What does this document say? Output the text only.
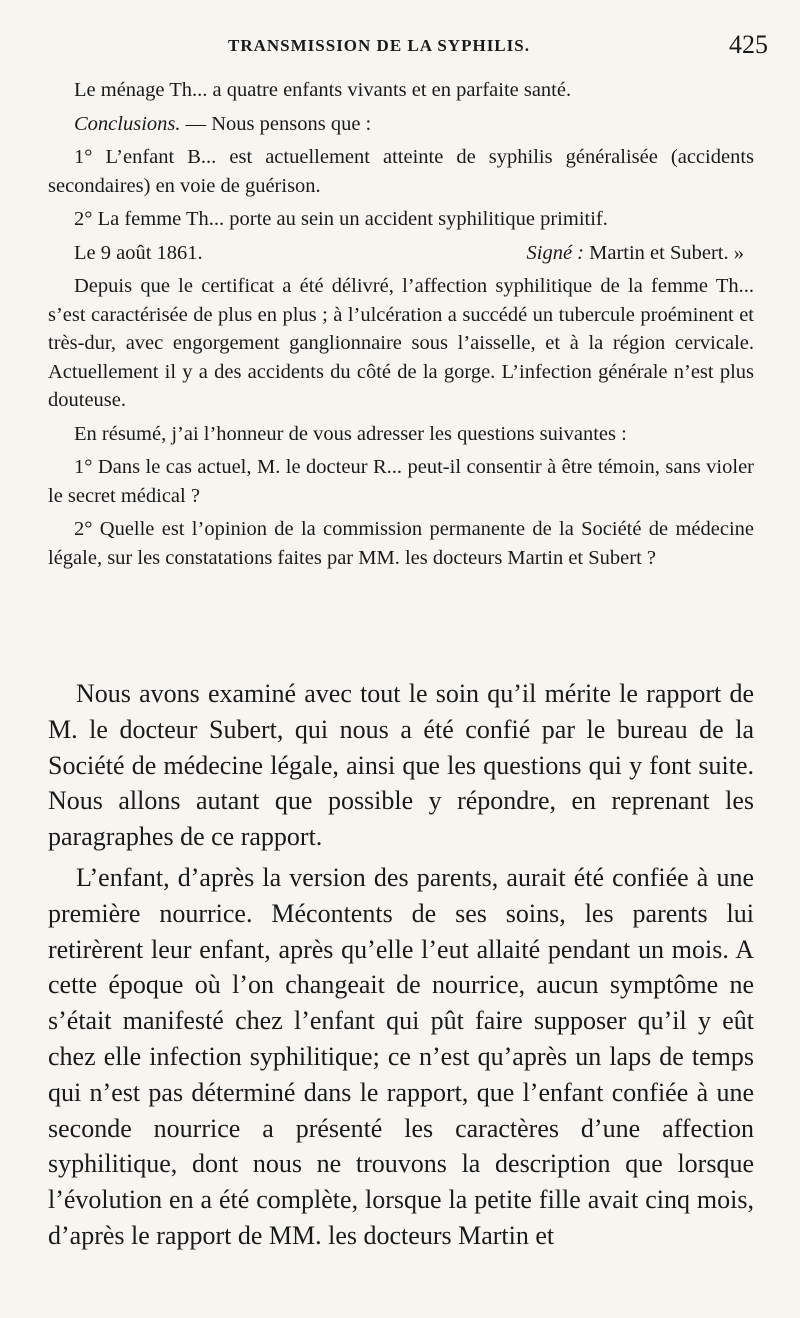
TRANSMISSION DE LA SYPHILIS.	425

Le ménage Th... a quatre enfants vivants et en parfaite santé.

Conclusions. — Nous pensons que :

1° L’enfant B... est actuellement atteinte de syphilis généralisée (accidents secondaires) en voie de guérison.

2° La femme Th... porte au sein un accident syphilitique primitif.

Le 9 août 1861.	Signé : Martin et Subert. »

Depuis que le certificat a été délivré, l’affection syphilitique de la femme Th... s’est caractérisée de plus en plus ; à l’ulcération a succédé un tubercule proéminent et très-dur, avec engorgement ganglionnaire sous l’aisselle, et à la région cervicale. Actuellement il y a des accidents du côté de la gorge. L’infection générale n’est plus douteuse.

En résumé, j’ai l’honneur de vous adresser les questions suivantes :

1° Dans le cas actuel, M. le docteur R... peut-il consentir à être témoin, sans violer le secret médical ?

2° Quelle est l’opinion de la commission permanente de la Société de médecine légale, sur les constatations faites par MM. les docteurs Martin et Subert ?

Nous avons examiné avec tout le soin qu’il mérite le rapport de M. le docteur Subert, qui nous a été confié par le bureau de la Société de médecine légale, ainsi que les questions qui y font suite. Nous allons autant que possible y répondre, en reprenant les paragraphes de ce rapport.

L’enfant, d’après la version des parents, aurait été confiée à une première nourrice. Mécontents de ses soins, les parents lui retirèrent leur enfant, après qu’elle l’eut allaité pendant un mois. A cette époque où l’on changeait de nourrice, aucun symptôme ne s’était manifesté chez l’enfant qui pût faire supposer qu’il y eût chez elle infection syphilitique; ce n’est qu’après un laps de temps qui n’est pas déterminé dans le rapport, que l’enfant confiée à une seconde nourrice a présenté les caractères d’une affection syphilitique, dont nous ne trouvons la description que lorsque l’évolution en a été complète, lorsque la petite fille avait cinq mois, d’après le rapport de MM. les docteurs Martin et
